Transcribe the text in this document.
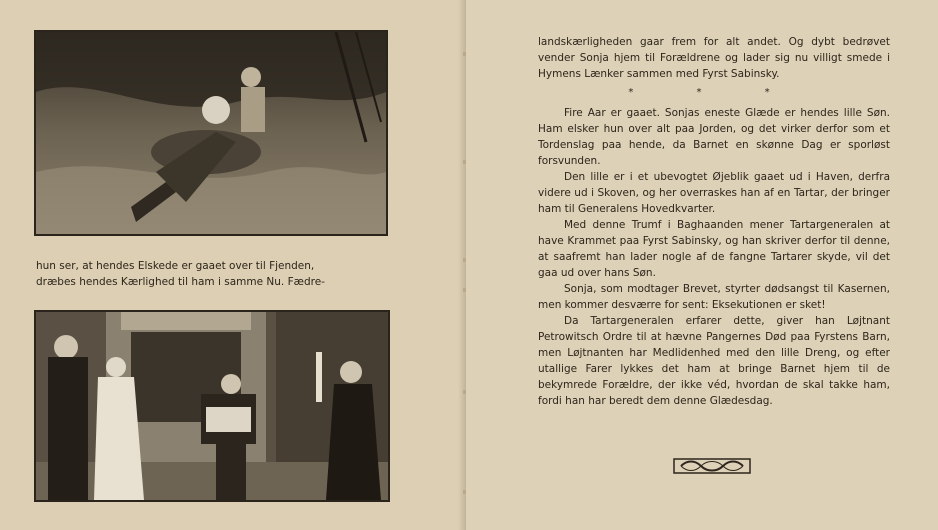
hun ser, at hendes Elskede er gaaet over til Fjenden,

dræbes hendes Kærlighed til ham i samme Nu. Fædre-

landskærligheden gaar frem for alt andet. Og dybt bedrøvet vender Sonja hjem til Forældrene og lader sig nu villigt smede i Hymens Lænker sammen med Fyrst Sabinsky.

* * *

Fire Aar er gaaet. Sonjas eneste Glæde er hendes lille Søn. Ham elsker hun over alt paa Jorden, og det virker derfor som et Tordenslag paa hende, da Barnet en skønne Dag er sporløst forsvunden.

Den lille er i et ubevogtet Øjeblik gaaet ud i Haven, derfra videre ud i Skoven, og her overraskes han af en Tartar, der bringer ham til Generalens Hovedkvarter.

Med denne Trumf i Baghaanden mener Tartargeneralen at have Krammet paa Fyrst Sabinsky, og han skriver derfor til denne, at saafremt han lader nogle af de fangne Tartarer skyde, vil det gaa ud over hans Søn.

Sonja, som modtager Brevet, styrter dødsangst til Kasernen, men kommer desværre for sent: Eksekutionen er sket!

Da Tartargeneralen erfarer dette, giver han Løjtnant Petrowitsch Ordre til at hævne Pangernes Død paa Fyrstens Barn, men Løjtnanten har Medlidenhed med den lille Dreng, og efter utallige Farer lykkes det ham at bringe Barnet hjem til de bekymrede Forældre, der ikke véd, hvordan de skal takke ham, fordi han har beredt dem denne Glædesdag.
